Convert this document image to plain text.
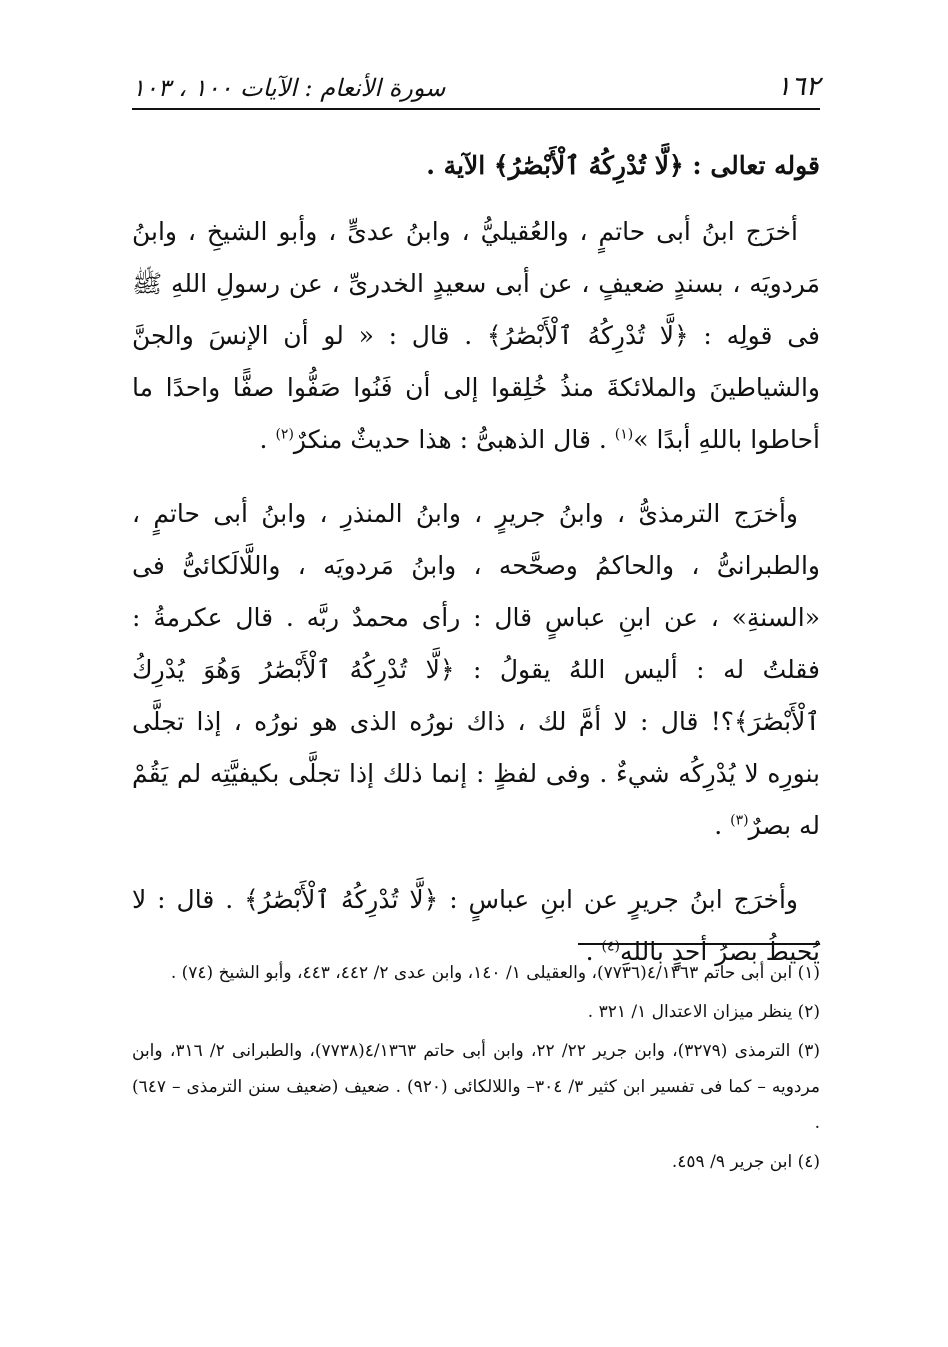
١٦٢
سورة الأنعام : الآيات ١٠٠ ، ١٠٣

قوله تعالى : ﴿لَّا تُدْرِكُهُ ٱلْأَبْصَٰرُ﴾ الآية .

أخرَج ابنُ أبى حاتمٍ ، والعُقيليُّ ، وابنُ عدىٍّ ، وأبو الشيخِ ، وابنُ مَردويَه ، بسندٍ ضعيفٍ ، عن أبى سعيدٍ الخدرىِّ ، عن رسولِ اللهِ ﷺ فى قولِه : ﴿لَّا تُدْرِكُهُ ٱلْأَبْصَٰرُ﴾ . قال : « لو أن الإنسَ والجنَّ والشياطينَ والملائكةَ منذُ خُلِقوا إلى أن فَنُوا صَفُّوا صفًّا واحدًا ما أحاطوا باللهِ أبدًا »$^{(١)}$ . قال الذهبىُّ : هذا حديثٌ منكرٌ$^{(٢)}$ .

وأخرَج الترمذىُّ ، وابنُ جريرٍ ، وابنُ المنذرِ ، وابنُ أبى حاتمٍ ، والطبرانىُّ ، والحاكمُ وصحَّحه ، وابنُ مَردويَه ، واللَّالَكائىُّ فى «السنةِ» ، عن ابنِ عباسٍ قال : رأى محمدٌ ربَّه . قال عكرمةُ : فقلتُ له : أليس اللهُ يقولُ : ﴿لَّا تُدْرِكُهُ ٱلْأَبْصَٰرُ وَهُوَ يُدْرِكُ ٱلْأَبْصَٰرَ﴾؟! قال : لا أمَّ لك ، ذاك نورُه الذى هو نورُه ، إذا تجلَّى بنورِه لا يُدْرِكُه شيءٌ . وفى لفظٍ : إنما ذلك إذا تجلَّى بكيفيَّتِه لم يَقُمْ له بصرٌ$^{(٣)}$ .

وأخرَج ابنُ جريرٍ عن ابنِ عباسٍ : ﴿لَّا تُدْرِكُهُ ٱلْأَبْصَٰرُ﴾ . قال : لا يُحيطُ بصرُ أحدٍ باللهِ$^{(٤)}$ .

(١) ابن أبى حاتم ٤/١٣٦٣(٧٧٣٦)، والعقيلى ١/ ١٤٠، وابن عدى ٢/ ٤٤٢، ٤٤٣، وأبو الشيخ (٧٤) .

(٢) ينظر ميزان الاعتدال ١/ ٣٢١ .

(٣) الترمذى (٣٢٧٩)، وابن جرير ٢٢/ ٢٢، وابن أبى حاتم ٤/١٣٦٣(٧٧٣٨)، والطبرانى ٢/ ٣١٦، وابن مردويه – كما فى تفسير ابن كثير ٣/ ٣٠٤– واللالكائى (٩٢٠) . ضعيف (ضعيف سنن الترمذى – ٦٤٧) .

(٤) ابن جرير ٩/ ٤٥٩.
